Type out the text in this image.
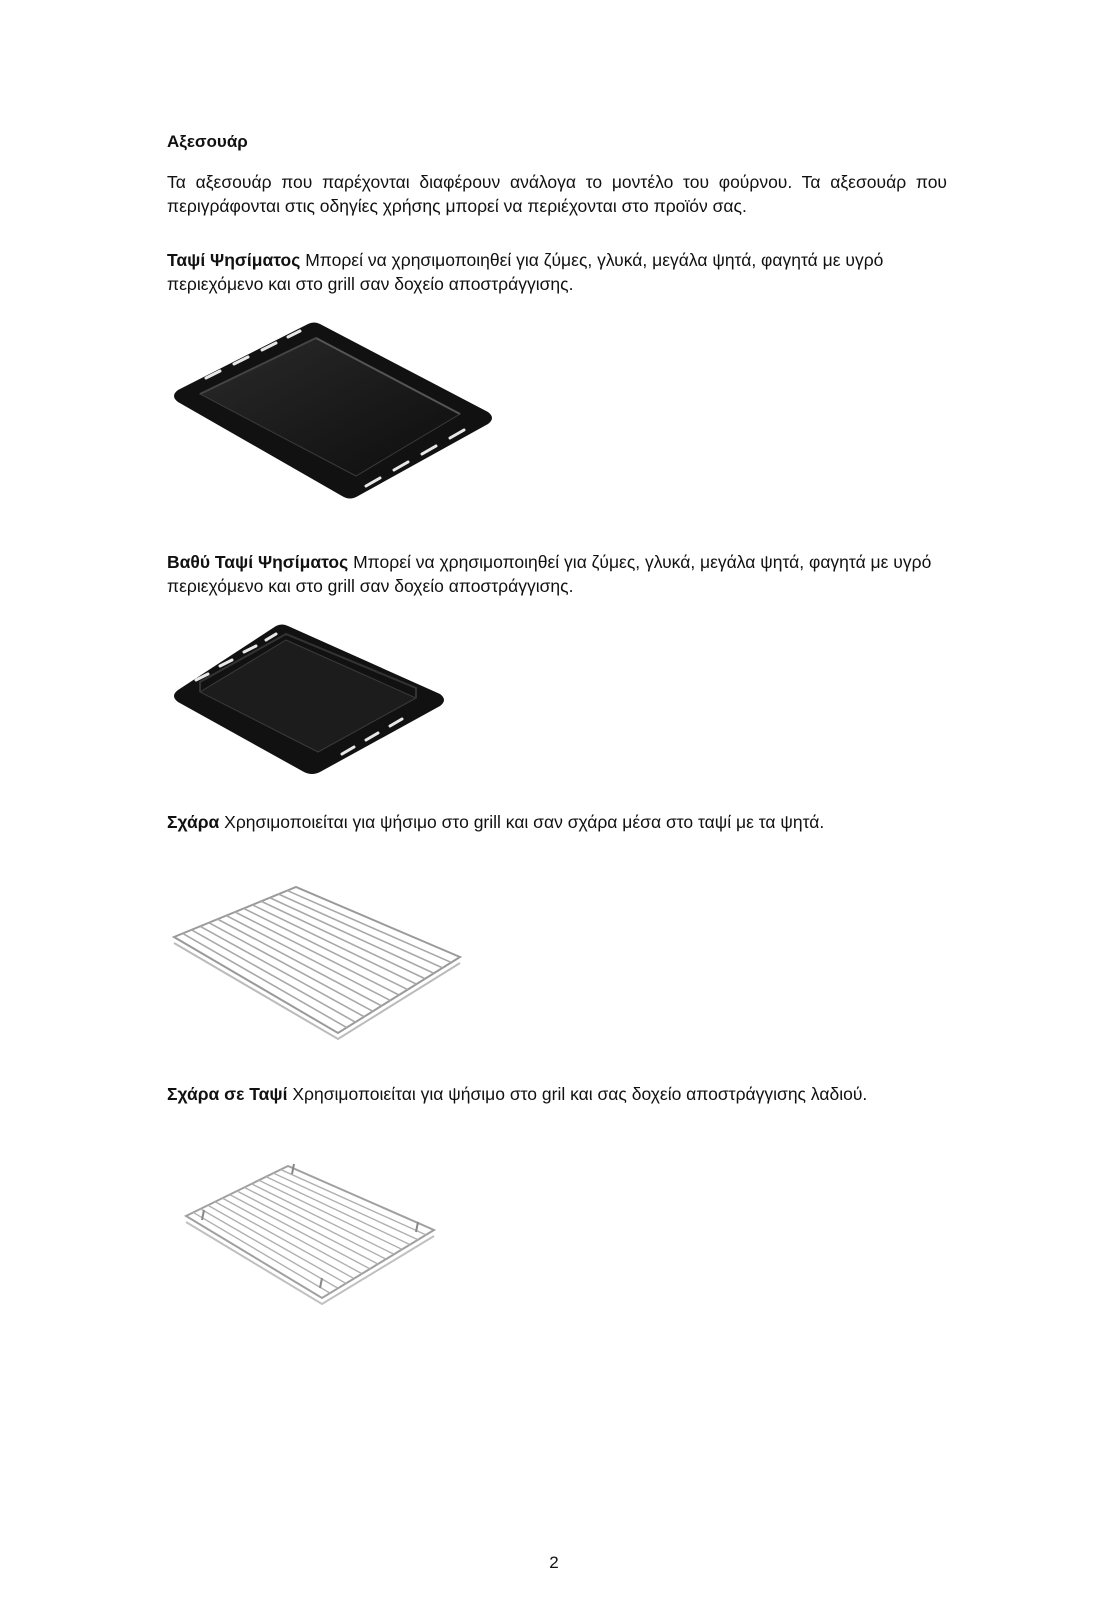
Αξεσουάρ

Τα αξεσουάρ που παρέχονται διαφέρουν ανάλογα το μοντέλο του φούρνου. Τα αξεσουάρ που περιγράφονται στις οδηγίες χρήσης μπορεί να περιέχονται στο προϊόν σας.

Ταψί Ψησίματος Μπορεί να χρησιμοποιηθεί για ζύμες, γλυκά, μεγάλα ψητά, φαγητά με υγρό περιεχόμενο και στο grill σαν δοχείο αποστράγγισης.

Βαθύ Ταψί Ψησίματος Μπορεί να χρησιμοποιηθεί για ζύμες, γλυκά, μεγάλα ψητά, φαγητά με υγρό περιεχόμενο και στο grill σαν δοχείο αποστράγγισης.

Σχάρα Χρησιμοποιείται για ψήσιμο στο grill και σαν σχάρα μέσα στο ταψί με τα ψητά.

Σχάρα σε Ταψί Χρησιμοποιείται για ψήσιμο στο gril και σας δοχείο αποστράγγισης λαδιού.

2
